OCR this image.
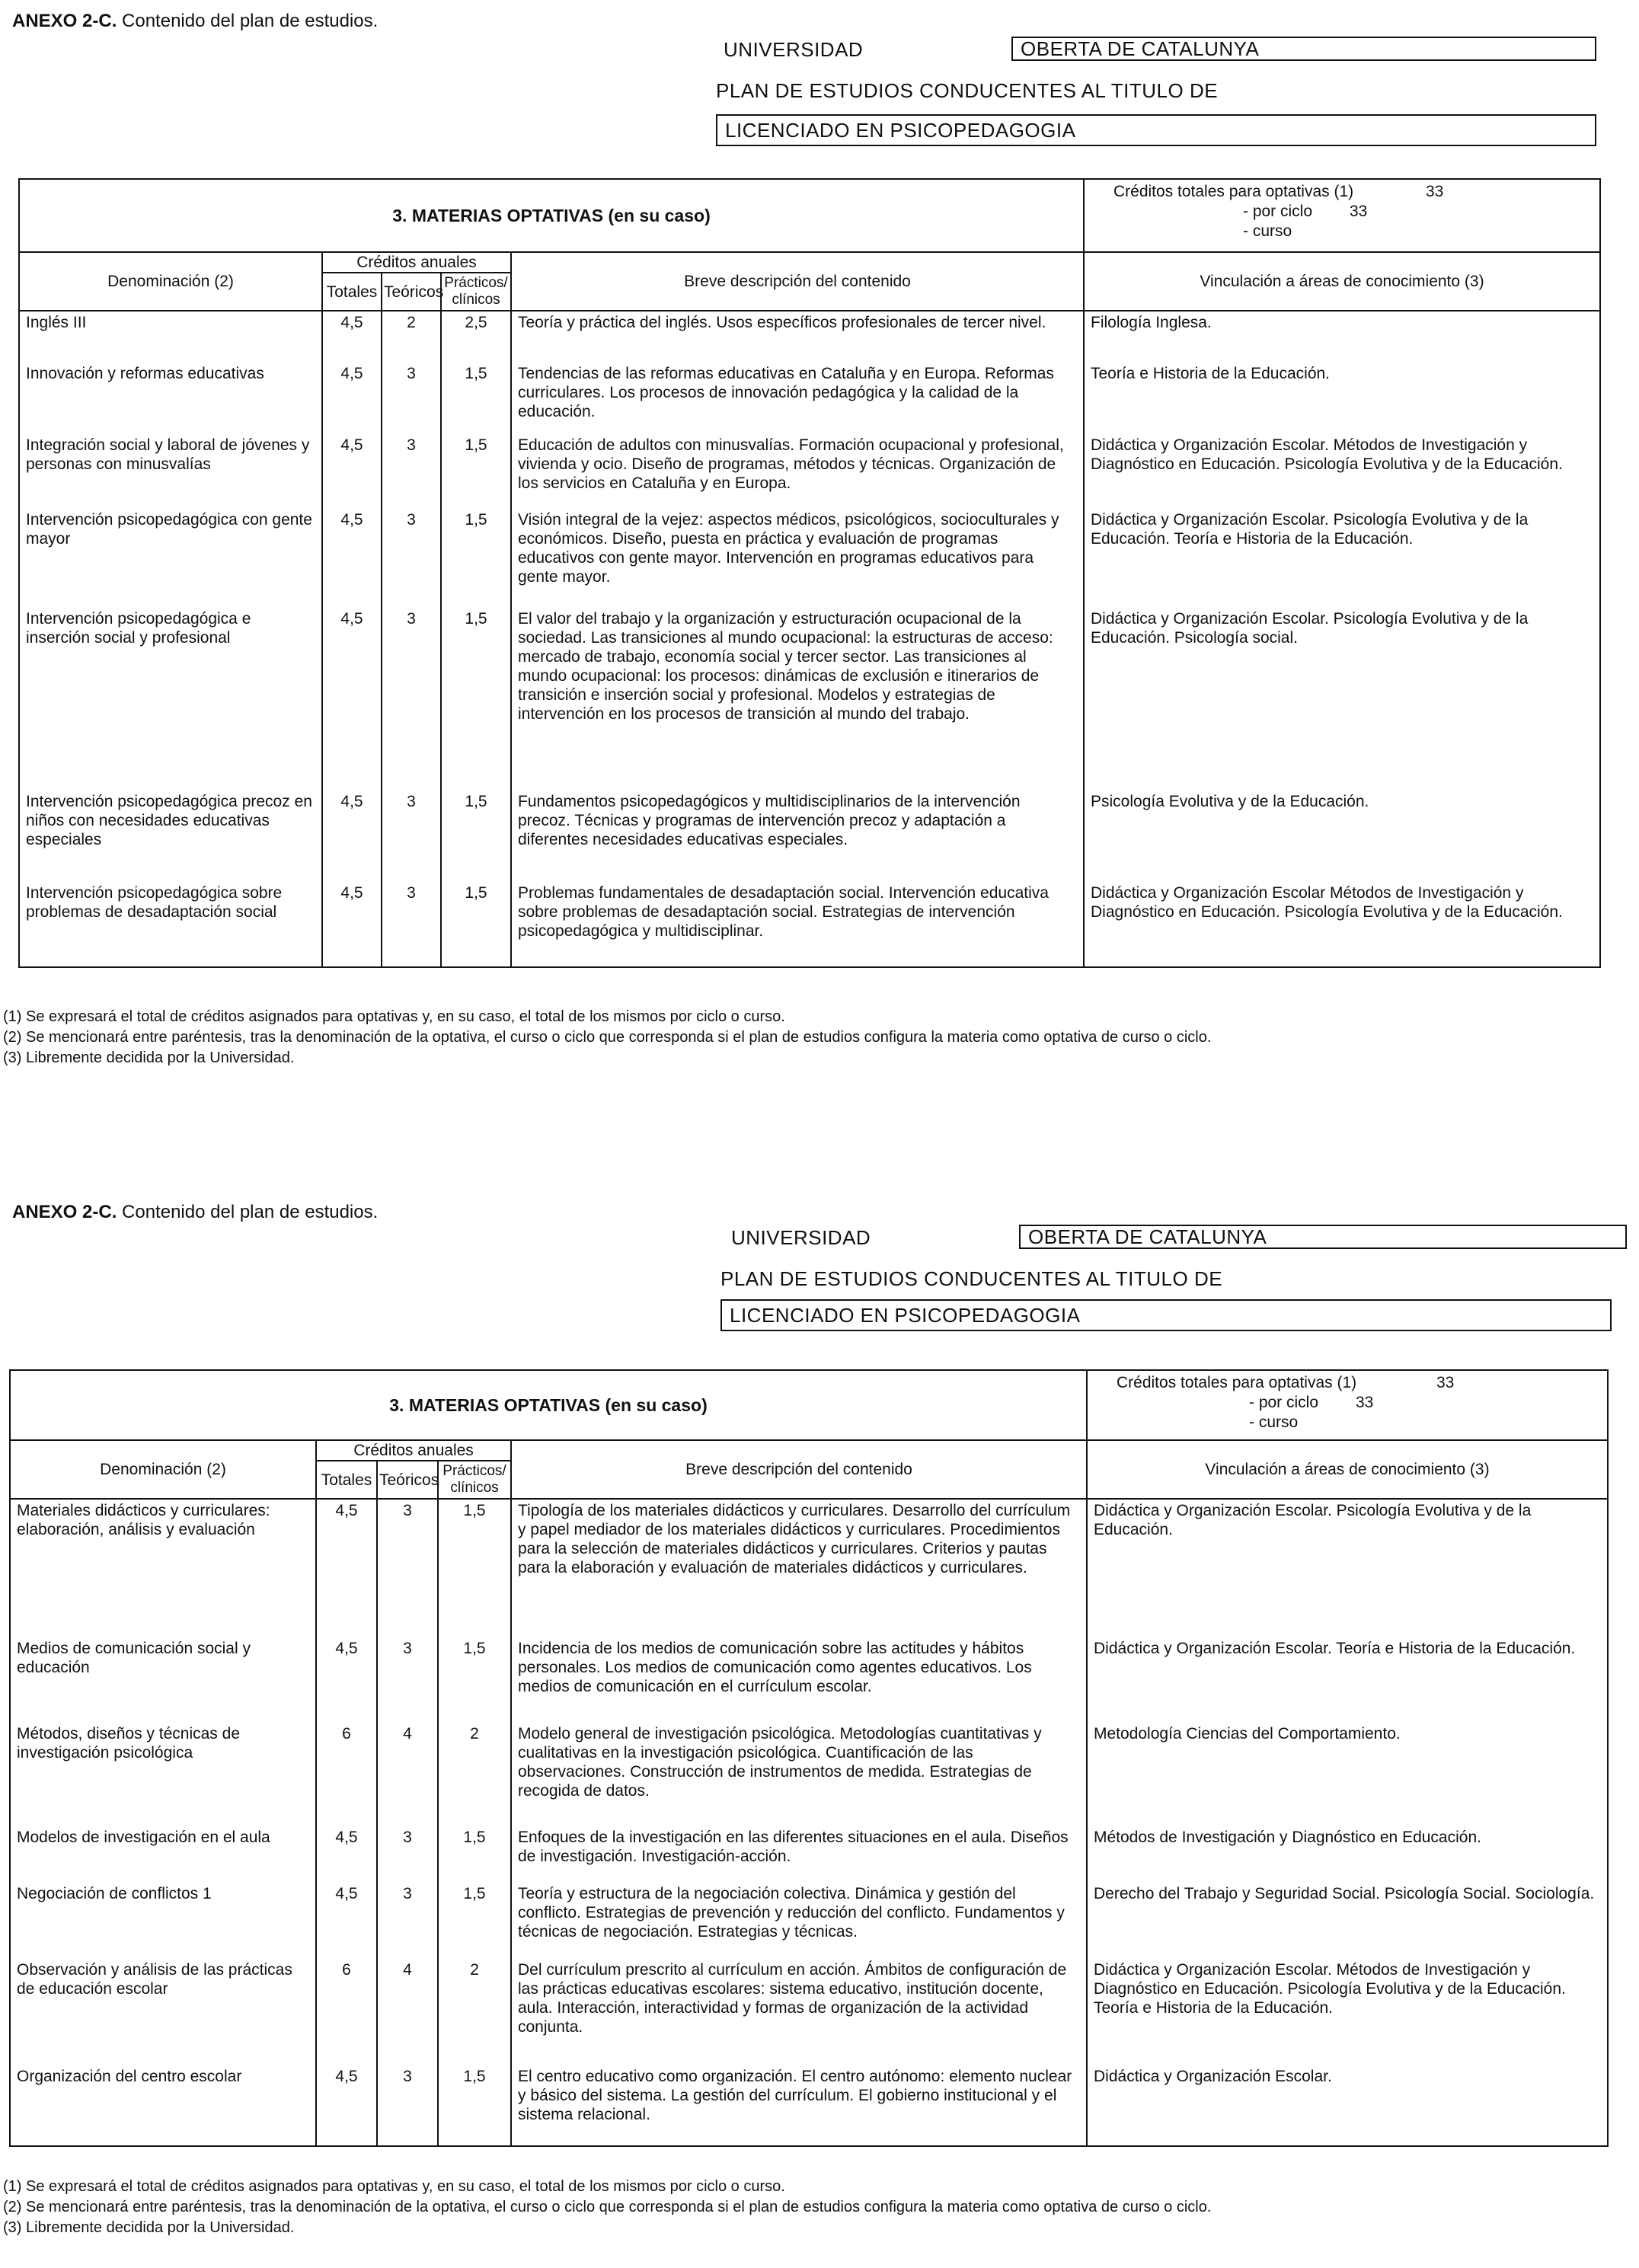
ANEXO 2-C. Contenido del plan de estudios.
UNIVERSIDAD	OBERTA DE CATALUNYA
PLAN DE ESTUDIOS CONDUCENTES AL TITULO DE
LICENCIADO EN PSICOPEDAGOGIA
3. MATERIAS OPTATIVAS (en su caso)					Créditos totales para optativas (1) 33
- por ciclo 33
- curso

Denominación (2)	Créditos anuales			Breve descripción del contenido	Vinculación a áreas de conocimiento (3)
	Totales	Teóricos	Prácticos/ clínicos		
Inglés III	4,5	2	2,5	Teoría y práctica del inglés. Usos específicos profesionales de tercer nivel.	Filología Inglesa.
Innovación y reformas educativas	4,5	3	1,5	Tendencias de las reformas educativas en Cataluña y en Europa. Reformas curriculares. Los procesos de innovación pedagógica y la calidad de la educación.	Teoría e Historia de la Educación.
Integración social y laboral de jóvenes y personas con minusvalías	4,5	3	1,5	Educación de adultos con minusvalías. Formación ocupacional y profesional, vivienda y ocio. Diseño de programas, métodos y técnicas. Organización de los servicios en Cataluña y en Europa.	Didáctica y Organización Escolar. Métodos de Investigación y Diagnóstico en Educación. Psicología Evolutiva y de la Educación.
Intervención psicopedagógica con gente mayor	4,5	3	1,5	Visión integral de la vejez: aspectos médicos, psicológicos, socioculturales y económicos. Diseño, puesta en práctica y evaluación de programas educativos con gente mayor. Intervención en programas educativos para gente mayor.	Didáctica y Organización Escolar. Psicología Evolutiva y de la Educación. Teoría e Historia de la Educación.
Intervención psicopedagógica e inserción social y profesional	4,5	3	1,5	El valor del trabajo y la organización y estructuración ocupacional de la sociedad. Las transiciones al mundo ocupacional: la estructuras de acceso: mercado de trabajo, economía social y tercer sector. Las transiciones al mundo ocupacional: los procesos: dinámicas de exclusión e itinerarios de transición e inserción social y profesional. Modelos y estrategias de intervención en los procesos de transición al mundo del trabajo.	Didáctica y Organización Escolar. Psicología Evolutiva y de la Educación. Psicología social.
Intervención psicopedagógica precoz en niños con necesidades educativas especiales	4,5	3	1,5	Fundamentos psicopedagógicos y multidisciplinarios de la intervención precoz. Técnicas y programas de intervención precoz y adaptación a diferentes necesidades educativas especiales.	Psicología Evolutiva y de la Educación.
Intervención psicopedagógica sobre problemas de desadaptación social	4,5	3	1,5	Problemas fundamentales de desadaptación social. Intervención educativa sobre problemas de desadaptación social. Estrategias de intervención psicopedagógica y multidisciplinar.	Didáctica y Organización Escolar Métodos de Investigación y Diagnóstico en Educación. Psicología Evolutiva y de la Educación.
(1) Se expresará el total de créditos asignados para optativas y, en su caso, el total de los mismos por ciclo o curso.
(2) Se mencionará entre paréntesis, tras la denominación de la optativa, el curso o ciclo que corresponda si el plan de estudios configura la materia como optativa de curso o ciclo.
(3) Libremente decidida por la Universidad.
ANEXO 2-C. Contenido del plan de estudios.
UNIVERSIDAD	OBERTA DE CATALUNYA
PLAN DE ESTUDIOS CONDUCENTES AL TITULO DE
LICENCIADO EN PSICOPEDAGOGIA
3. MATERIAS OPTATIVAS (en su caso)					Créditos totales para optativas (1) 33
- por ciclo 33
- curso

Denominación (2)	Créditos anuales			Breve descripción del contenido	Vinculación a áreas de conocimiento (3)
	Totales	Teóricos	Prácticos/ clínicos		
Materiales didácticos y curriculares: elaboración, análisis y evaluación	4,5	3	1,5	Tipología de los materiales didácticos y curriculares. Desarrollo del currículum y papel mediador de los materiales didácticos y curriculares. Procedimientos para la selección de materiales didácticos y curriculares. Criterios y pautas para la elaboración y evaluación de materiales didácticos y curriculares.	Didáctica y Organización Escolar. Psicología Evolutiva y de la Educación.
Medios de comunicación social y educación	4,5	3	1,5	Incidencia de los medios de comunicación sobre las actitudes y hábitos personales. Los medios de comunicación como agentes educativos. Los medios de comunicación en el currículum escolar.	Didáctica y Organización Escolar. Teoría e Historia de la Educación.
Métodos, diseños y técnicas de investigación psicológica	6	4	2	Modelo general de investigación psicológica. Metodologías cuantitativas y cualitativas en la investigación psicológica. Cuantificación de las observaciones. Construcción de instrumentos de medida. Estrategias de recogida de datos.	Metodología Ciencias del Comportamiento.
Modelos de investigación en el aula	4,5	3	1,5	Enfoques de la investigación en las diferentes situaciones en el aula. Diseños de investigación. Investigación-acción.	Métodos de Investigación y Diagnóstico en Educación.
Negociación de conflictos 1	4,5	3	1,5	Teoría y estructura de la negociación colectiva. Dinámica y gestión del conflicto. Estrategias de prevención y reducción del conflicto. Fundamentos y técnicas de negociación. Estrategias y técnicas.	Derecho del Trabajo y Seguridad Social. Psicología Social. Sociología.
Observación y análisis de las prácticas de educación escolar	6	4	2	Del currículum prescrito al currículum en acción. Ámbitos de configuración de las prácticas educativas escolares: sistema educativo, institución docente, aula. Interacción, interactividad y formas de organización de la actividad conjunta.	Didáctica y Organización Escolar. Métodos de Investigación y Diagnóstico en Educación. Psicología Evolutiva y de la Educación. Teoría e Historia de la Educación.
Organización del centro escolar	4,5	3	1,5	El centro educativo como organización. El centro autónomo: elemento nuclear y básico del sistema. La gestión del currículum. El gobierno institucional y el sistema relacional.	Didáctica y Organización Escolar.
(1) Se expresará el total de créditos asignados para optativas y, en su caso, el total de los mismos por ciclo o curso.
(2) Se mencionará entre paréntesis, tras la denominación de la optativa, el curso o ciclo que corresponda si el plan de estudios configura la materia como optativa de curso o ciclo.
(3) Libremente decidida por la Universidad.
